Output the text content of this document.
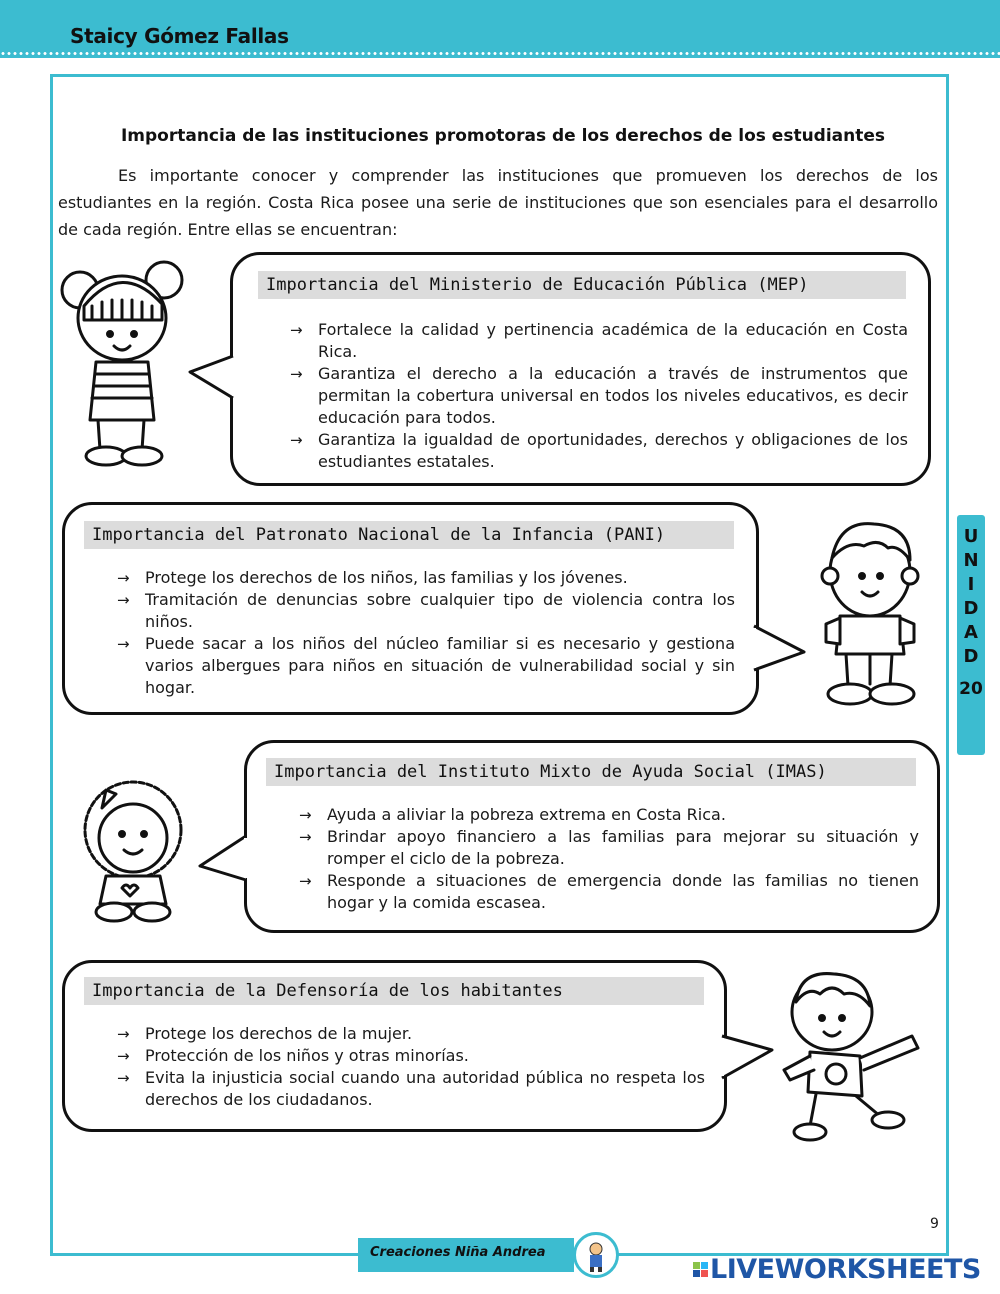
Staicy Gómez Fallas
Importancia de las instituciones promotoras de los derechos de los estudiantes

Es importante conocer y comprender las instituciones que promueven los derechos de los estudiantes en la región. Costa Rica posee una serie de instituciones que son esenciales para el desarrollo de cada región. Entre ellas se encuentran:

Importancia del Ministerio de Educación Pública (MEP)
→ Fortalece la calidad y pertinencia académica de la educación en Costa Rica.
→ Garantiza el derecho a la educación a través de instrumentos que permitan la cobertura universal en todos los niveles educativos, es decir educación para todos.
→ Garantiza la igualdad de oportunidades, derechos y obligaciones de los estudiantes estatales.
Importancia del Patronato Nacional de la Infancia (PANI)
→ Protege los derechos de los niños, las familias y los jóvenes.
→ Tramitación de denuncias sobre cualquier tipo de violencia contra los niños.
→ Puede sacar a los niños del núcleo familiar si es necesario y gestiona varios albergues para niños en situación de vulnerabilidad social y sin hogar.
Importancia del Instituto Mixto de Ayuda Social (IMAS)
→ Ayuda a aliviar la pobreza extrema en Costa Rica.
→ Brindar apoyo financiero a las familias para mejorar su situación y romper el ciclo de la pobreza.
→ Responde a situaciones de emergencia donde las familias no tienen hogar y la comida escasea.
Importancia de la Defensoría de los habitantes
→ Protege los derechos de la mujer.
→ Protección de los niños y otras minorías.
→ Evita la injusticia social cuando una autoridad pública no respeta los derechos de los ciudadanos.
U
N
I
D
A
D
20
9
Creaciones Niña Andrea
LIVEWORKSHEETS
